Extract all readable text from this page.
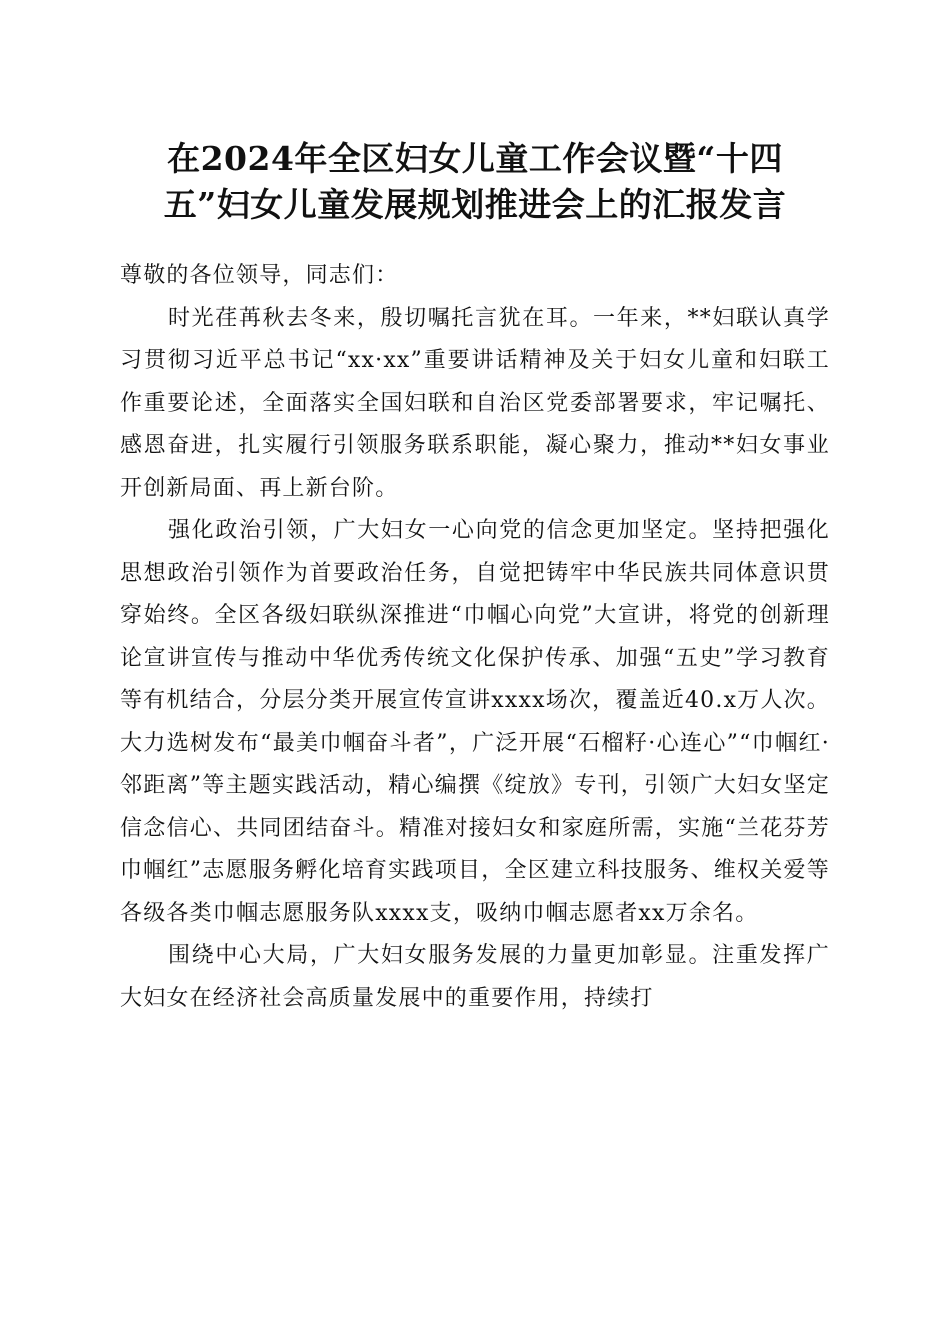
在2024年全区妇女儿童工作会议暨“十四
五”妇女儿童发展规划推进会上的汇报发言

尊敬的各位领导，同志们：

时光荏苒秋去冬来，殷切嘱托言犹在耳。一年来，**妇联认真学习贯彻习近平总书记“xx·xx”重要讲话精神及关于妇女儿童和妇联工作重要论述，全面落实全国妇联和自治区党委部署要求，牢记嘱托、感恩奋进，扎实履行引领服务联系职能，凝心聚力，推动**妇女事业开创新局面、再上新台阶。

强化政治引领，广大妇女一心向党的信念更加坚定。坚持把强化思想政治引领作为首要政治任务，自觉把铸牢中华民族共同体意识贯穿始终。全区各级妇联纵深推进“巾帼心向党”大宣讲，将党的创新理论宣讲宣传与推动中华优秀传统文化保护传承、加强“五史”学习教育等有机结合，分层分类开展宣传宣讲xxxx场次，覆盖近40.x万人次。大力选树发布“最美巾帼奋斗者”，广泛开展“石榴籽·心连心”“巾帼红·邻距离”等主题实践活动，精心编撰《绽放》专刊，引领广大妇女坚定信念信心、共同团结奋斗。精准对接妇女和家庭所需，实施“兰花芬芳巾帼红”志愿服务孵化培育实践项目，全区建立科技服务、维权关爱等各级各类巾帼志愿服务队xxxx支，吸纳巾帼志愿者xx万余名。

围绕中心大局，广大妇女服务发展的力量更加彰显。注重发挥广大妇女在经济社会高质量发展中的重要作用，持续打
